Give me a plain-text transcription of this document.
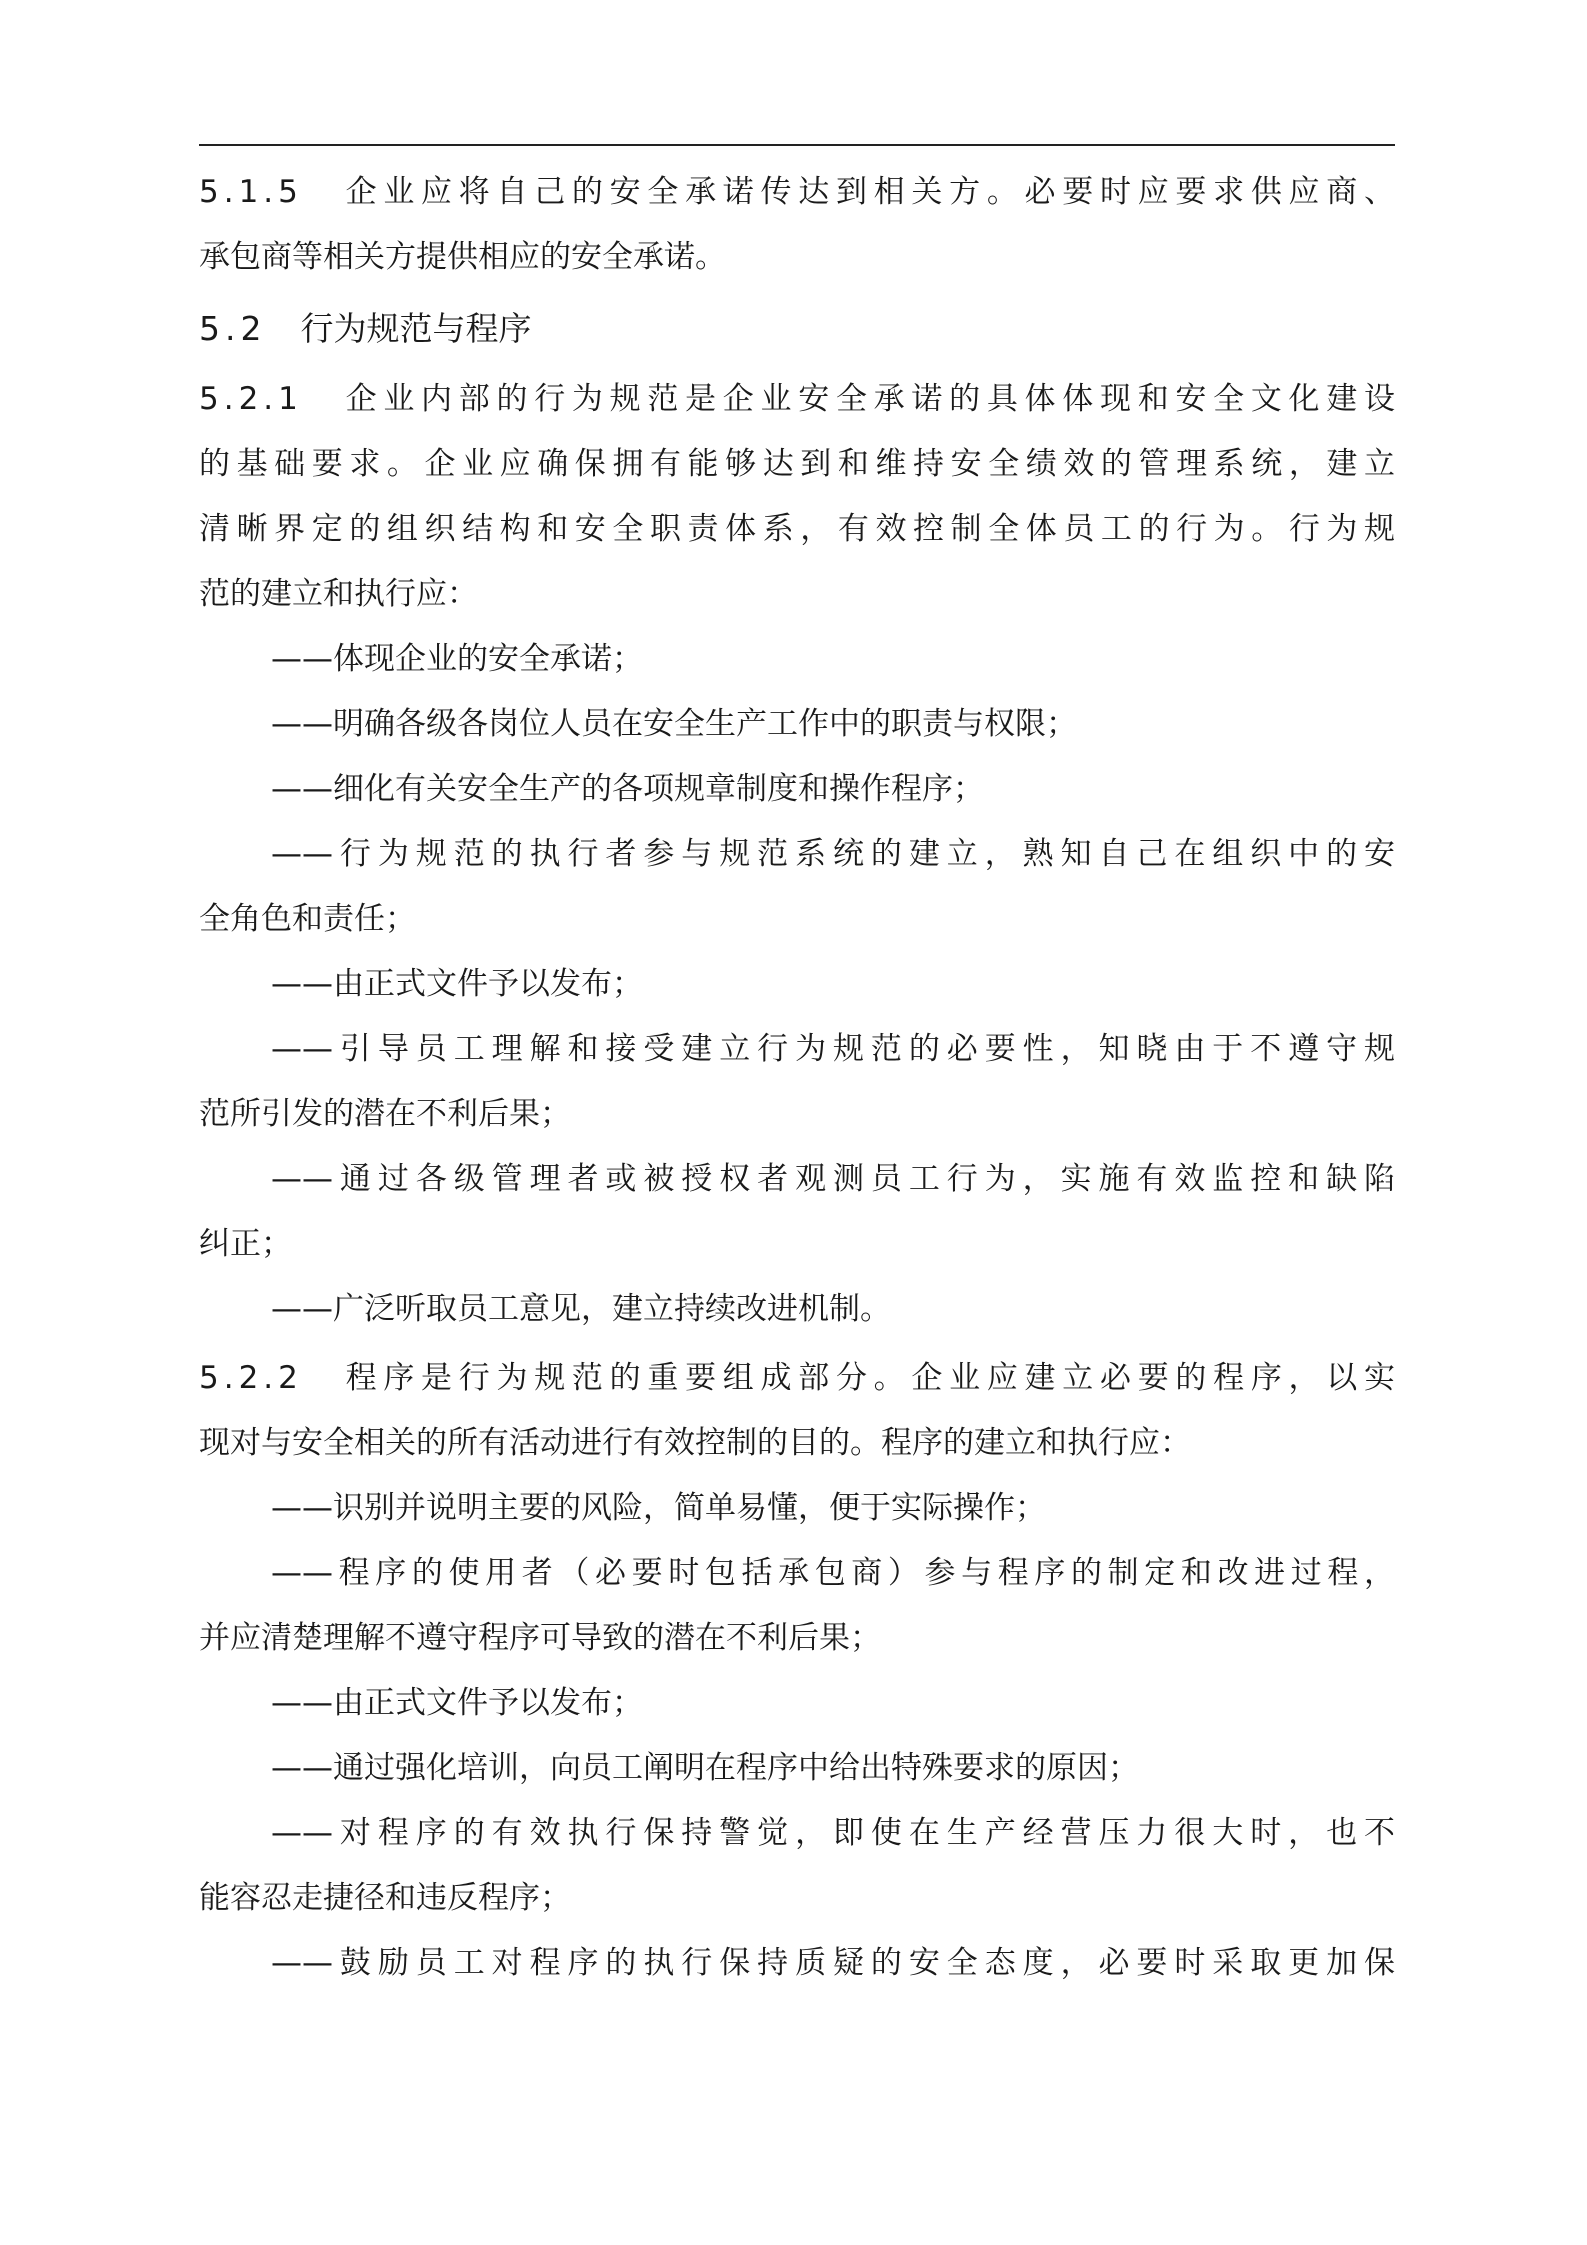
5.1.5 企业应将自己的安全承诺传达到相关方。必要时应要求供应商、
承包商等相关方提供相应的安全承诺。
5.2 行为规范与程序
5.2.1 企业内部的行为规范是企业安全承诺的具体体现和安全文化建设
的基础要求。企业应确保拥有能够达到和维持安全绩效的管理系统，建立
清晰界定的组织结构和安全职责体系，有效控制全体员工的行为。行为规
范的建立和执行应：
——体现企业的安全承诺；
——明确各级各岗位人员在安全生产工作中的职责与权限；
——细化有关安全生产的各项规章制度和操作程序；
——行为规范的执行者参与规范系统的建立，熟知自己在组织中的安
全角色和责任；
——由正式文件予以发布；
——引导员工理解和接受建立行为规范的必要性，知晓由于不遵守规
范所引发的潜在不利后果；
——通过各级管理者或被授权者观测员工行为，实施有效监控和缺陷
纠正；
——广泛听取员工意见，建立持续改进机制。
5.2.2 程序是行为规范的重要组成部分。企业应建立必要的程序，以实
现对与安全相关的所有活动进行有效控制的目的。程序的建立和执行应：
——识别并说明主要的风险，简单易懂，便于实际操作；
——程序的使用者（必要时包括承包商）参与程序的制定和改进过程，
并应清楚理解不遵守程序可导致的潜在不利后果；
——由正式文件予以发布；
——通过强化培训，向员工阐明在程序中给出特殊要求的原因；
——对程序的有效执行保持警觉，即使在生产经营压力很大时，也不
能容忍走捷径和违反程序；
——鼓励员工对程序的执行保持质疑的安全态度，必要时采取更加保
